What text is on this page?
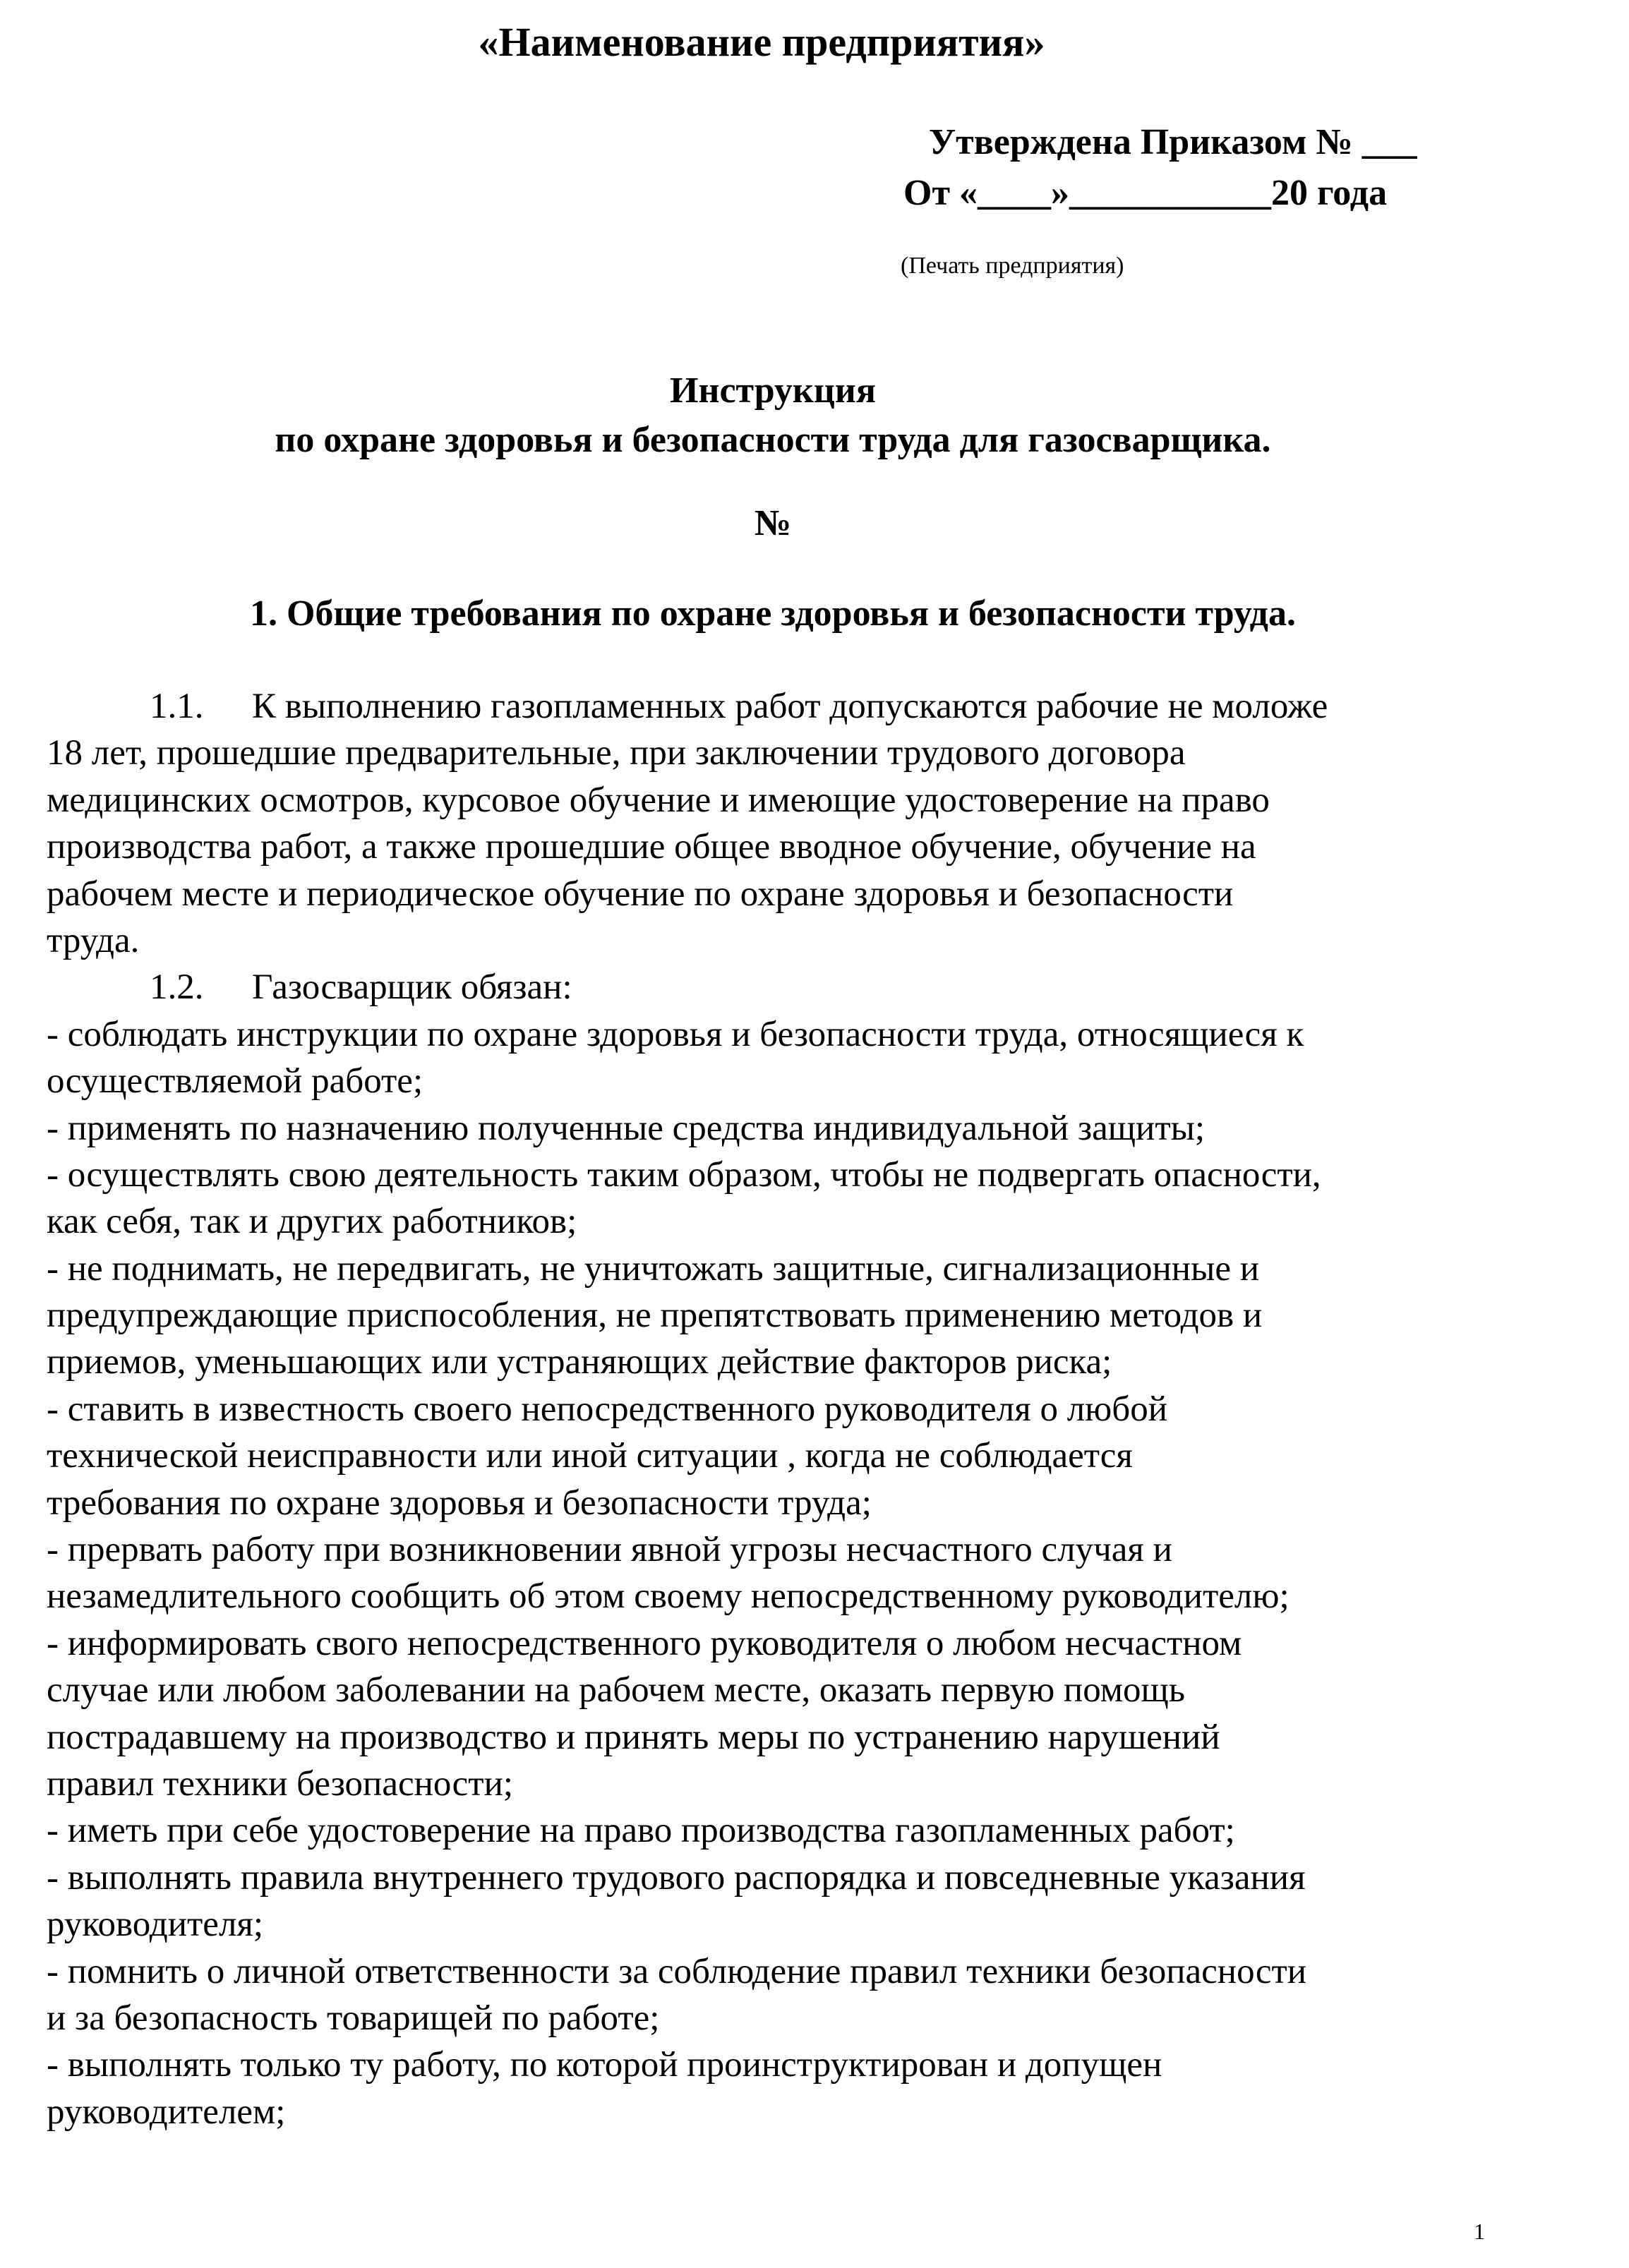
«Наименование предприятия»
Утверждена Приказом № ___
От «____»___________20 года
(Печать предприятия)
Инструкция
по охране здоровья и безопасности труда для газосварщика.
№
1. Общие требования по охране здоровья и безопасности труда.
1.1. К выполнению газопламенных работ допускаются рабочие не моложе
18 лет, прошедшие предварительные, при заключении трудового договора
медицинских осмотров, курсовое обучение и имеющие удостоверение на право
производства работ, а также прошедшие общее вводное обучение, обучение на
рабочем месте и периодическое обучение по охране здоровья и безопасности
труда.
1.2. Газосварщик обязан:
- соблюдать инструкции по охране здоровья и безопасности труда, относящиеся к
осуществляемой работе;
- применять по назначению полученные средства индивидуальной защиты;
- осуществлять свою деятельность таким образом, чтобы не подвергать опасности,
как себя, так и других работников;
- не поднимать, не передвигать, не уничтожать защитные, сигнализационные и
предупреждающие приспособления, не препятствовать применению методов и
приемов, уменьшающих или устраняющих действие факторов риска;
- ставить в известность своего непосредственного руководителя о любой
технической неисправности или иной ситуации , когда не соблюдается
требования по охране здоровья и безопасности труда;
- прервать работу при возникновении явной угрозы несчастного случая и
незамедлительного сообщить об этом своему непосредственному руководителю;
- информировать свого непосредственного руководителя о любом несчастном
случае или любом заболевании на рабочем месте, оказать первую помощь
пострадавшему на производство и принять меры по устранению нарушений
правил техники безопасности;
- иметь при себе удостоверение на право производства газопламенных работ;
- выполнять правила внутреннего трудового распорядка и повседневные указания
руководителя;
- помнить о личной ответственности за соблюдение правил техники безопасности
и за безопасность товарищей по работе;
- выполнять только ту работу, по которой проинструктирован и допущен
руководителем;
1
